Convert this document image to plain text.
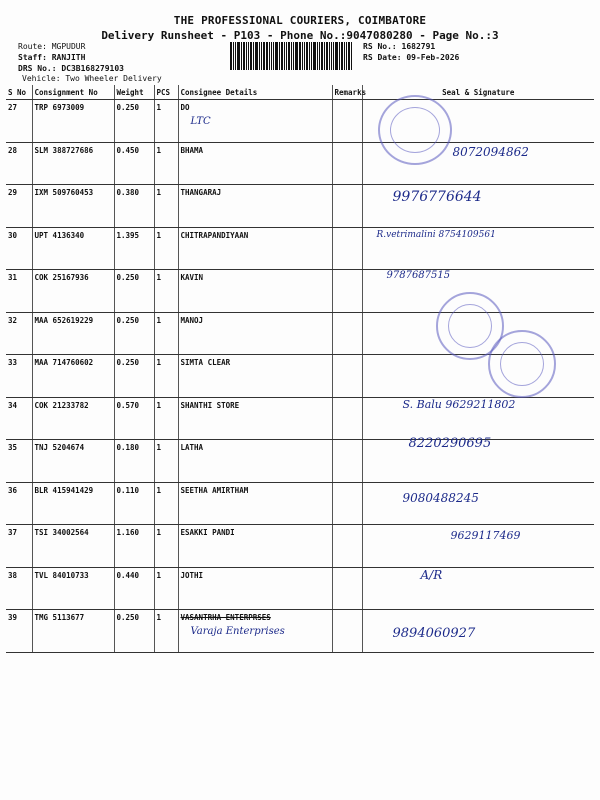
THE PROFESSIONAL COURIERS, COIMBATORE
Delivery Runsheet - P103 - Phone No.:9047080280 - Page No.:3
Route: MGPUDUR
Staff: RANJITH
DRS No.: DC3B168279103
Vehicle: Two Wheeler Delivery
RS No.: 1682791
RS Date: 09-Feb-2026
S No	Consignment No	Weight	PCS	Consignee Details	Remarks	Seal & Signature
27	TRP 6973009	0.250	1	DO
LTC		

28	SLM 388727686	0.450	1	BHAMA		8072094862

29	IXM 509760453	0.380	1	THANGARAJ		9976776644

30	UPT 4136340	1.395	1	CHITRAPANDIYAAN		R.vetrimalini 8754109561

31	COK 25167936	0.250	1	KAVIN		9787687515

32	MAA 652619229	0.250	1	MANOJ		
33	MAA 714760602	0.250	1	SIMTA CLEAR		
34	COK 21233782	0.570	1	SHANTHI STORE		S. Balu 9629211802

35	TNJ 5204674	0.180	1	LATHA		8220290695

36	BLR 415941429	0.110	1	SEETHA AMIRTHAM		9080488245

37	TSI 34002564	1.160	1	ESAKKI PANDI		9629117469

38	TVL 84010733	0.440	1	JOTHI		A/R

39	TMG 5113677	0.250	1	VASANTRHA ENTERPRSES
Varaja Enterprises		9894060927
